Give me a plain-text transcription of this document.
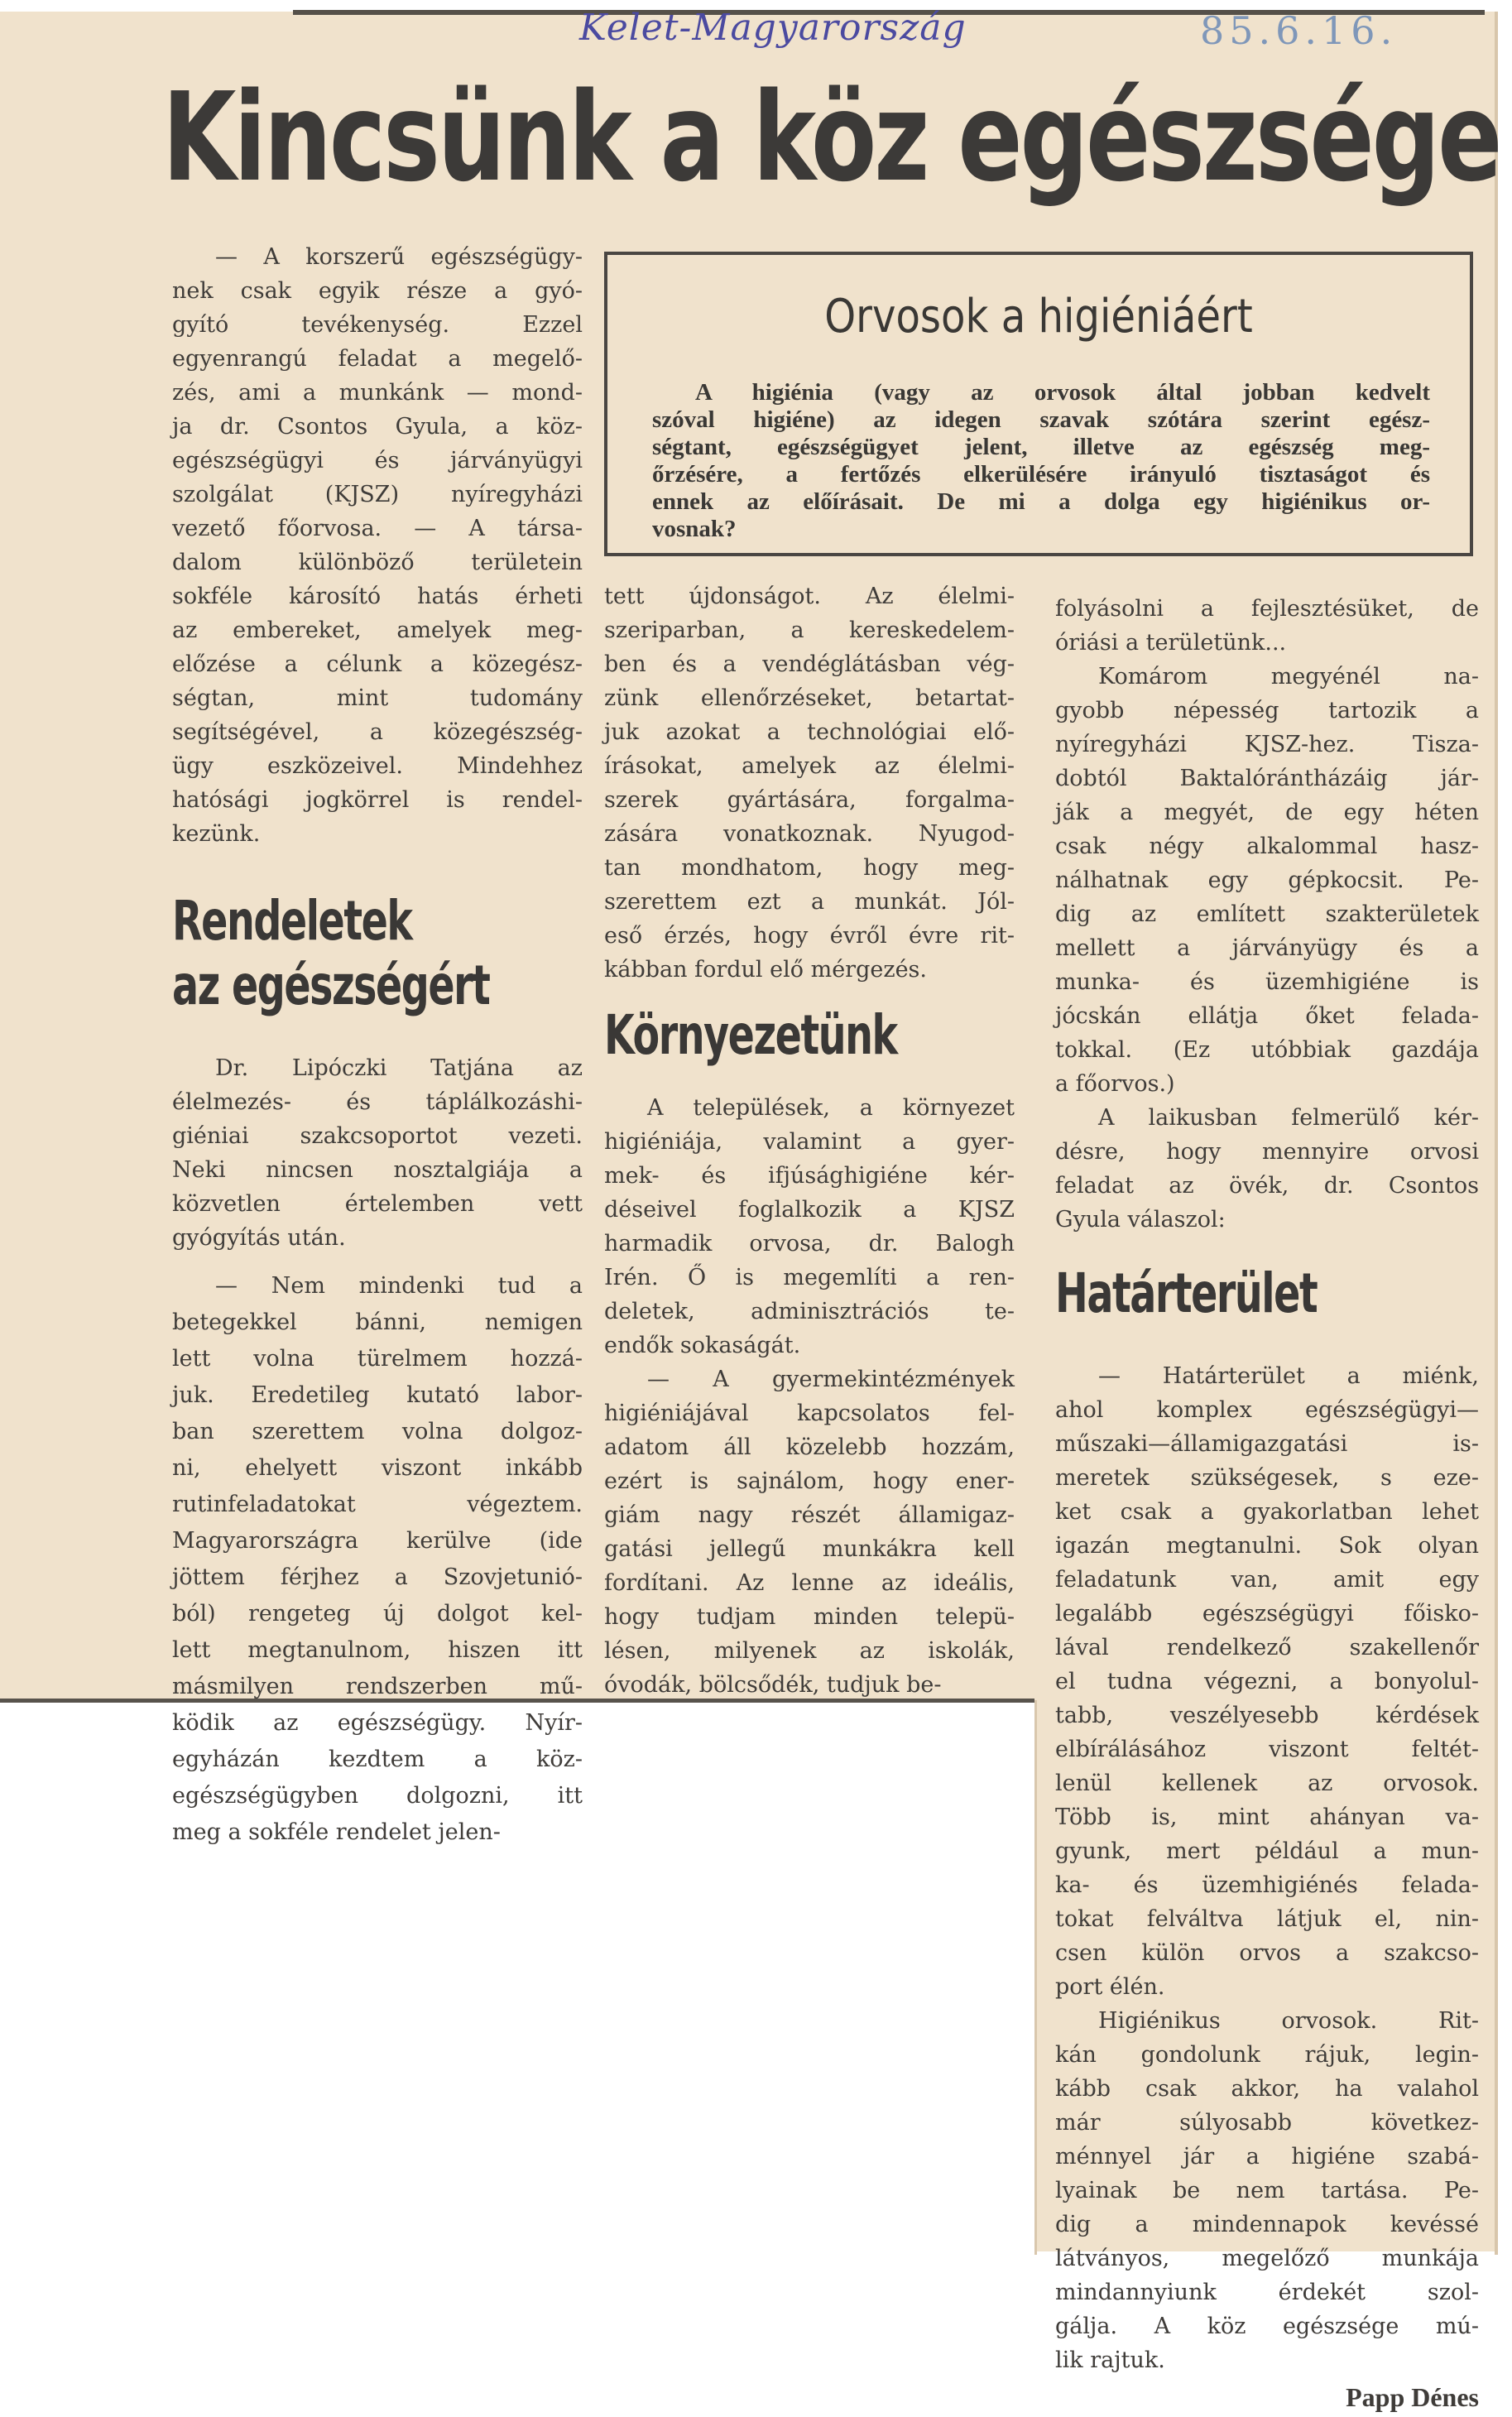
Kelet-Magyarország	85.6.16.
Kincsünk a köz egészsége
Orvosok a higiéniáért
A higiénia (vagy az orvosok által jobban kedvelt
szóval higiéne) az idegen szavak szótára szerint egész-
ségtant, egészségügyet jelent, illetve az egészség meg-
őrzésére, a fertőzés elkerülésére irányuló tisztaságot és
ennek az előírásait. De mi a dolga egy higiénikus or-
vosnak?
— A korszerű egészségügy-
nek csak egyik része a gyó-
gyító tevékenység. Ezzel
egyenrangú feladat a megelő-
zés, ami a munkánk — mond-
ja dr. Csontos Gyula, a köz-
egészségügyi és járványügyi
szolgálat (KJSZ) nyíregyházi
vezető főorvosa. — A társa-
dalom különböző területein
sokféle károsító hatás érheti
az embereket, amelyek meg-
előzése a célunk a közegész-
ségtan, mint tudomány
segítségével, a közegészség-
ügy eszközeivel. Mindehhez
hatósági jogkörrel is rendel-
kezünk.
Rendeletek
az egészségért
Dr. Lipóczki Tatjána az
élelmezés- és táplálkozáshi-
giéniai szakcsoportot vezeti.
Neki nincsen nosztalgiája a
közvetlen értelemben vett
gyógyítás után.
— Nem mindenki tud a
betegekkel bánni, nemigen
lett volna türelmem hozzá-
juk. Eredetileg kutató labor-
ban szerettem volna dolgoz-
ni, ehelyett viszont inkább
rutinfeladatokat végeztem.
Magyarországra kerülve (ide
jöttem férjhez a Szovjetunió-
ból) rengeteg új dolgot kel-
lett megtanulnom, hiszen itt
másmilyen rendszerben mű-
ködik az egészségügy. Nyír-
egyházán kezdtem a köz-
egészségügyben dolgozni, itt
meg a sokféle rendelet jelen-
tett újdonságot. Az élelmi-
szeriparban, a kereskedelem-
ben és a vendéglátásban vég-
zünk ellenőrzéseket, betartat-
juk azokat a technológiai elő-
írásokat, amelyek az élelmi-
szerek gyártására, forgalma-
zására vonatkoznak. Nyugod-
tan mondhatom, hogy meg-
szerettem ezt a munkát. Jól-
eső érzés, hogy évről évre rit-
kábban fordul elő mérgezés.
Környezetünk
A települések, a környezet
higiéniája, valamint a gyer-
mek- és ifjúsághigiéne kér-
déseivel foglalkozik a KJSZ
harmadik orvosa, dr. Balogh
Irén. Ő is megemlíti a ren-
deletek, adminisztrációs te-
endők sokaságát.
— A gyermekintézmények
higiéniájával kapcsolatos fel-
adatom áll közelebb hozzám,
ezért is sajnálom, hogy ener-
giám nagy részét államigaz-
gatási jellegű munkákra kell
fordítani. Az lenne az ideális,
hogy tudjam minden telepü-
lésen, milyenek az iskolák,
óvodák, bölcsődék, tudjuk be-
folyásolni a fejlesztésüket, de
óriási a területünk...
Komárom megyénél na-
gyobb népesség tartozik a
nyíregyházi KJSZ-hez. Tisza-
dobtól Baktalórántházáig jár-
ják a megyét, de egy héten
csak négy alkalommal hasz-
nálhatnak egy gépkocsit. Pe-
dig az említett szakterületek
mellett a járványügy és a
munka- és üzemhigiéne is
jócskán ellátja őket felada-
tokkal. (Ez utóbbiak gazdája
a főorvos.)
A laikusban felmerülő kér-
désre, hogy mennyire orvosi
feladat az övék, dr. Csontos
Gyula válaszol:
Határterület
— Határterület a miénk,
ahol komplex egészségügyi—
műszaki—államigazgatási is-
meretek szükségesek, s eze-
ket csak a gyakorlatban lehet
igazán megtanulni. Sok olyan
feladatunk van, amit egy
legalább egészségügyi főisko-
lával rendelkező szakellenőr
el tudna végezni, a bonyolul-
tabb, veszélyesebb kérdések
elbírálásához viszont feltét-
lenül kellenek az orvosok.
Több is, mint ahányan va-
gyunk, mert például a mun-
ka- és üzemhigiénés felada-
tokat felváltva látjuk el, nin-
csen külön orvos a szakcso-
port élén.
Higiénikus orvosok. Rit-
kán gondolunk rájuk, legin-
kább csak akkor, ha valahol
már súlyosabb következ-
ménnyel jár a higiéne szabá-
lyainak be nem tartása. Pe-
dig a mindennapok kevéssé
látványos, megelőző munkája
mindannyiunk érdekét szol-
gálja. A köz egészsége mú-
lik rajtuk.
Papp Dénes
